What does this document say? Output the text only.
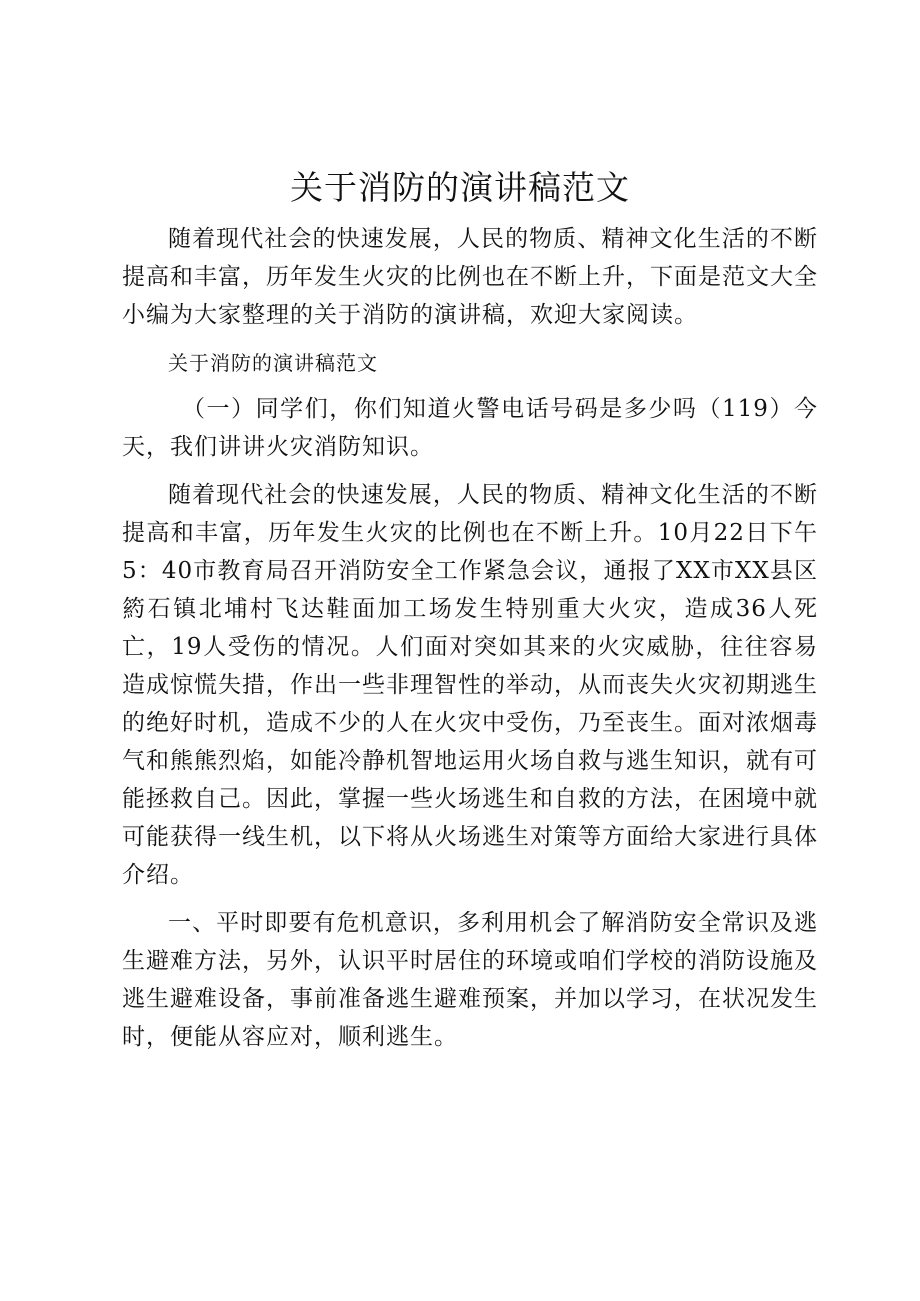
关于消防的演讲稿范文

随着现代社会的快速发展，人民的物质、精神文化生活的不断提高和丰富，历年发生火灾的比例也在不断上升，下面是范文大全小编为大家整理的关于消防的演讲稿，欢迎大家阅读。

关于消防的演讲稿范文

（一）同学们，你们知道火警电话号码是多少吗（119）今天，我们讲讲火灾消防知识。

随着现代社会的快速发展，人民的物质、精神文化生活的不断提高和丰富，历年发生火灾的比例也在不断上升。10月22日下午5：40市教育局召开消防安全工作紧急会议，通报了XX市XX县区箹石镇北埔村飞达鞋面加工场发生特别重大火灾，造成36人死亡，19人受伤的情况。人们面对突如其来的火灾威胁，往往容易造成惊慌失措，作出一些非理智性的举动，从而丧失火灾初期逃生的绝好时机，造成不少的人在火灾中受伤，乃至丧生。面对浓烟毒气和熊熊烈焰，如能冷静机智地运用火场自救与逃生知识，就有可能拯救自己。因此，掌握一些火场逃生和自救的方法，在困境中就可能获得一线生机，以下将从火场逃生对策等方面给大家进行具体介绍。

一、平时即要有危机意识，多利用机会了解消防安全常识及逃生避难方法，另外，认识平时居住的环境或咱们学校的消防设施及逃生避难设备，事前准备逃生避难预案，并加以学习，在状况发生时，便能从容应对，顺利逃生。
